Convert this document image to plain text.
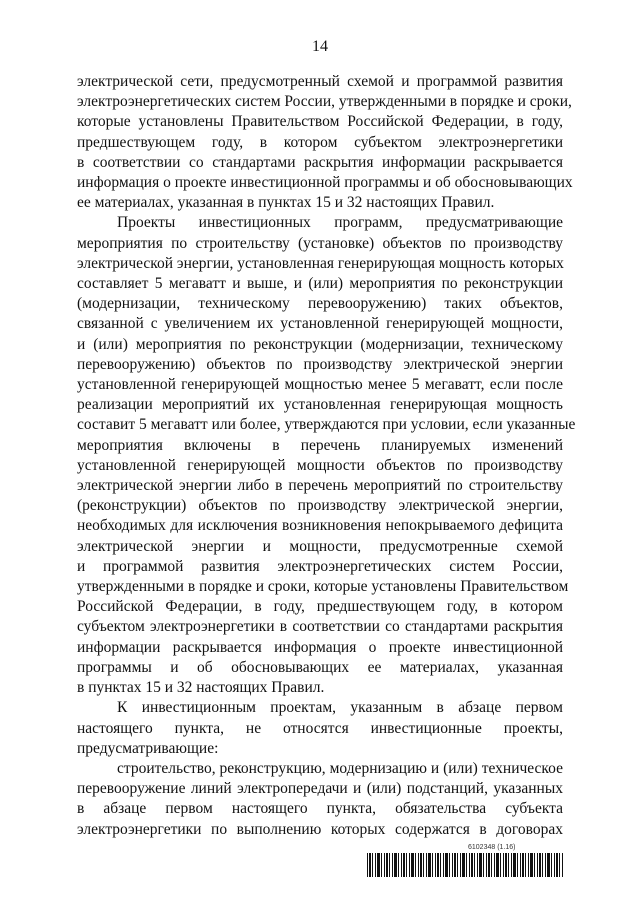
14
электрической сети, предусмотренный схемой и программой развития
электроэнергетических систем России, утвержденными в порядке и сроки,
которые установлены Правительством Российской Федерации, в году,
предшествующем году, в котором субъектом электроэнергетики
в соответствии со стандартами раскрытия информации раскрывается
информация о проекте инвестиционной программы и об обосновывающих
ее материалах, указанная в пунктах 15 и 32 настоящих Правил.
Проекты инвестиционных программ, предусматривающие
мероприятия по строительству (установке) объектов по производству
электрической энергии, установленная генерирующая мощность которых
составляет 5 мегаватт и выше, и (или) мероприятия по реконструкции
(модернизации, техническому перевооружению) таких объектов,
связанной с увеличением их установленной генерирующей мощности,
и (или) мероприятия по реконструкции (модернизации, техническому
перевооружению) объектов по производству электрической энергии
установленной генерирующей мощностью менее 5 мегаватт, если после
реализации мероприятий их установленная генерирующая мощность
составит 5 мегаватт или более, утверждаются при условии, если указанные
мероприятия включены в перечень планируемых изменений
установленной генерирующей мощности объектов по производству
электрической энергии либо в перечень мероприятий по строительству
(реконструкции) объектов по производству электрической энергии,
необходимых для исключения возникновения непокрываемого дефицита
электрической энергии и мощности, предусмотренные схемой
и программой развития электроэнергетических систем России,
утвержденными в порядке и сроки, которые установлены Правительством
Российской Федерации, в году, предшествующем году, в котором
субъектом электроэнергетики в соответствии со стандартами раскрытия
информации раскрывается информация о проекте инвестиционной
программы и об обосновывающих ее материалах, указанная
в пунктах 15 и 32 настоящих Правил.
К инвестиционным проектам, указанным в абзаце первом
настоящего пункта, не относятся инвестиционные проекты,
предусматривающие:
строительство, реконструкцию, модернизацию и (или) техническое
перевооружение линий электропередачи и (или) подстанций, указанных
в абзаце первом настоящего пункта, обязательства субъекта
электроэнергетики по выполнению которых содержатся в договорах
6102348 (1.16)
